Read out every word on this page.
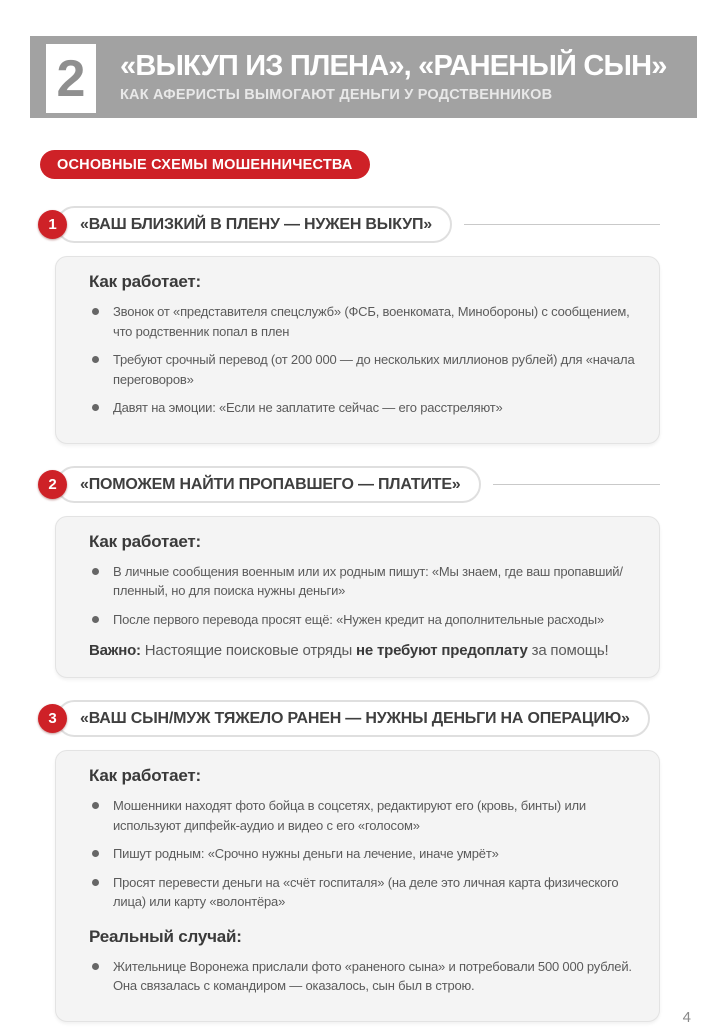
2 «ВЫКУП ИЗ ПЛЕНА», «РАНЕНЫЙ СЫН»
КАК АФЕРИСТЫ ВЫМОГАЮТ ДЕНЬГИ У РОДСТВЕННИКОВ
ОСНОВНЫЕ СХЕМЫ МОШЕННИЧЕСТВА
1	«ВАШ БЛИЗКИЙ В ПЛЕНУ — НУЖЕН ВЫКУП»
Как работает:
Звонок от «представителя спецслужб» (ФСБ, военкомата, Минобороны) с сообщением, что родственник попал в плен
Требуют срочный перевод (от 200 000 — до нескольких миллионов рублей) для «начала переговоров»
Давят на эмоции: «Если не заплатите сейчас — его расстреляют»
2	«ПОМОЖЕМ НАЙТИ ПРОПАВШЕГО — ПЛАТИТЕ»
Как работает:
В личные сообщения военным или их родным пишут: «Мы знаем, где ваш пропавший/пленный, но для поиска нужны деньги»
После первого перевода просят ещё: «Нужен кредит на дополнительные расходы»

Важно: Настоящие поисковые отряды не требуют предоплату за помощь!

3	«ВАШ СЫН/МУЖ ТЯЖЕЛО РАНЕН — НУЖНЫ ДЕНЬГИ НА ОПЕРАЦИЮ»
Как работает:
Мошенники находят фото бойца в соцсетях, редактируют его (кровь, бинты) или используют дипфейк-аудио и видео с его «голосом»
Пишут родным: «Срочно нужны деньги на лечение, иначе умрёт»
Просят перевести деньги на «счёт госпиталя» (на деле это личная карта физического лица) или карту «волонтёра»
Реальный случай:
Жительнице Воронежа прислали фото «раненого сына» и потребовали 500 000 рублей. Она связалась с командиром — оказалось, сын был в строю.
4
